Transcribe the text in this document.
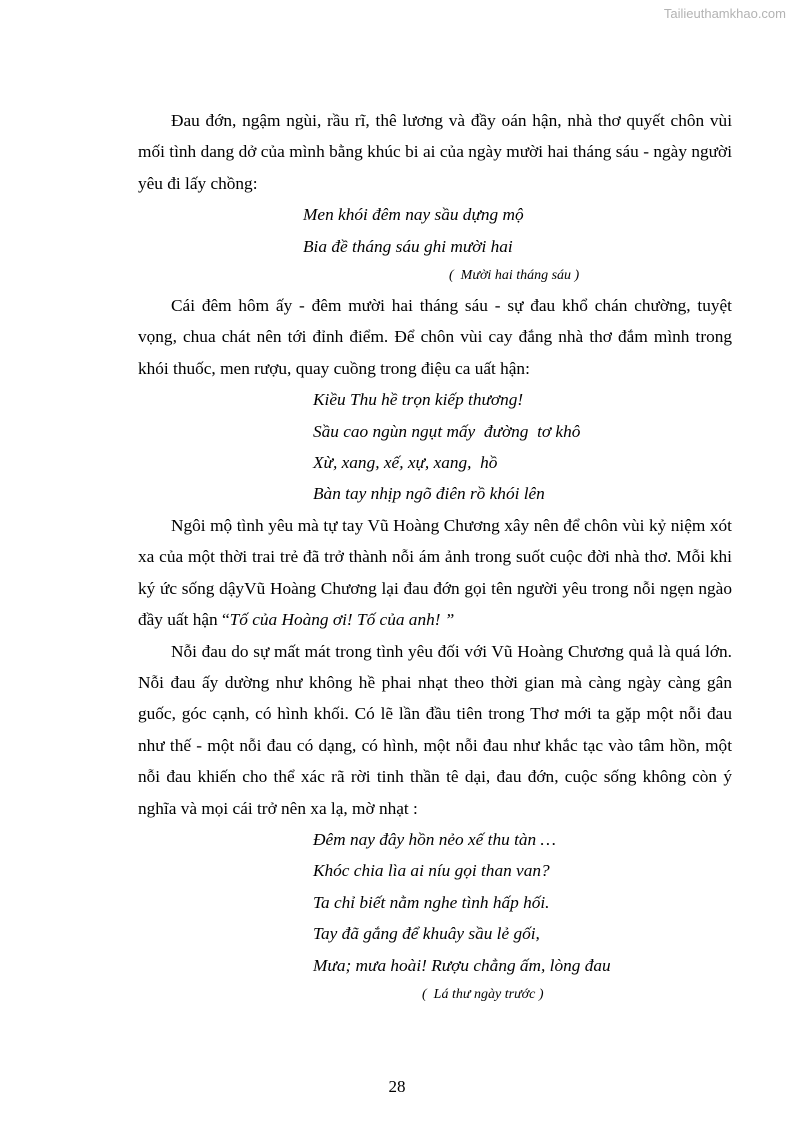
Tailieuthamkhao.com

Đau đớn, ngậm ngùi, rầu rĩ, thê lương và đầy oán hận, nhà thơ quyết chôn vùi mối tình dang dở của mình bằng khúc bi ai của ngày mười hai tháng sáu - ngày người yêu đi lấy chồng:

Men khói đêm nay sầu dựng mộ
Bia đề tháng sáu ghi mười hai
(  Mười hai tháng sáu )

Cái đêm hôm ấy - đêm mười hai tháng sáu - sự đau khổ chán chường, tuyệt vọng, chua chát nên tới đỉnh điểm. Để chôn vùi cay đắng nhà thơ đắm mình trong khói thuốc, men rượu, quay cuồng trong điệu ca uất hận:

Kiều Thu hề trọn kiếp thương!
Sầu cao ngùn ngụt mấy  đường  tơ khô
Xừ, xang, xế, xự, xang,  hồ
Bàn tay nhịp ngõ điên rồ khói lên

Ngôi mộ tình yêu mà tự tay Vũ Hoàng Chương xây nên để chôn vùi kỷ niệm xót xa của một thời trai trẻ đã trở thành nỗi ám ảnh trong suốt cuộc đời nhà thơ. Mỗi khi ký ức sống dậyVũ Hoàng Chương lại đau đớn gọi tên người yêu trong nỗi ngẹn ngào đầy uất hận “Tố của Hoàng ơi! Tố của anh! ”

Nỗi đau do sự mất mát trong tình yêu đối với Vũ Hoàng Chương quả là quá lớn. Nỗi đau ấy dường như không hề phai nhạt theo thời gian mà càng ngày càng gân guốc, góc cạnh, có hình khối. Có lẽ lần đầu tiên trong Thơ mới ta gặp một nỗi đau như thế - một nỗi đau có dạng, có hình, một nỗi đau như khắc tạc vào tâm hồn, một nỗi đau khiến cho thể xác rã rời tinh thần tê dại, đau đớn, cuộc sống không còn ý nghĩa và mọi cái trở nên xa lạ, mờ nhạt :

Đêm nay đây hồn nẻo xế thu tàn …
Khóc chia lìa ai níu gọi than van?
Ta chỉ biết nằm nghe tình hấp hối.
Tay đã gắng để khuây sầu lẻ gối,
Mưa; mưa hoài! Rượu chẳng ấm, lòng đau
(  Lá thư ngày trước )
28
